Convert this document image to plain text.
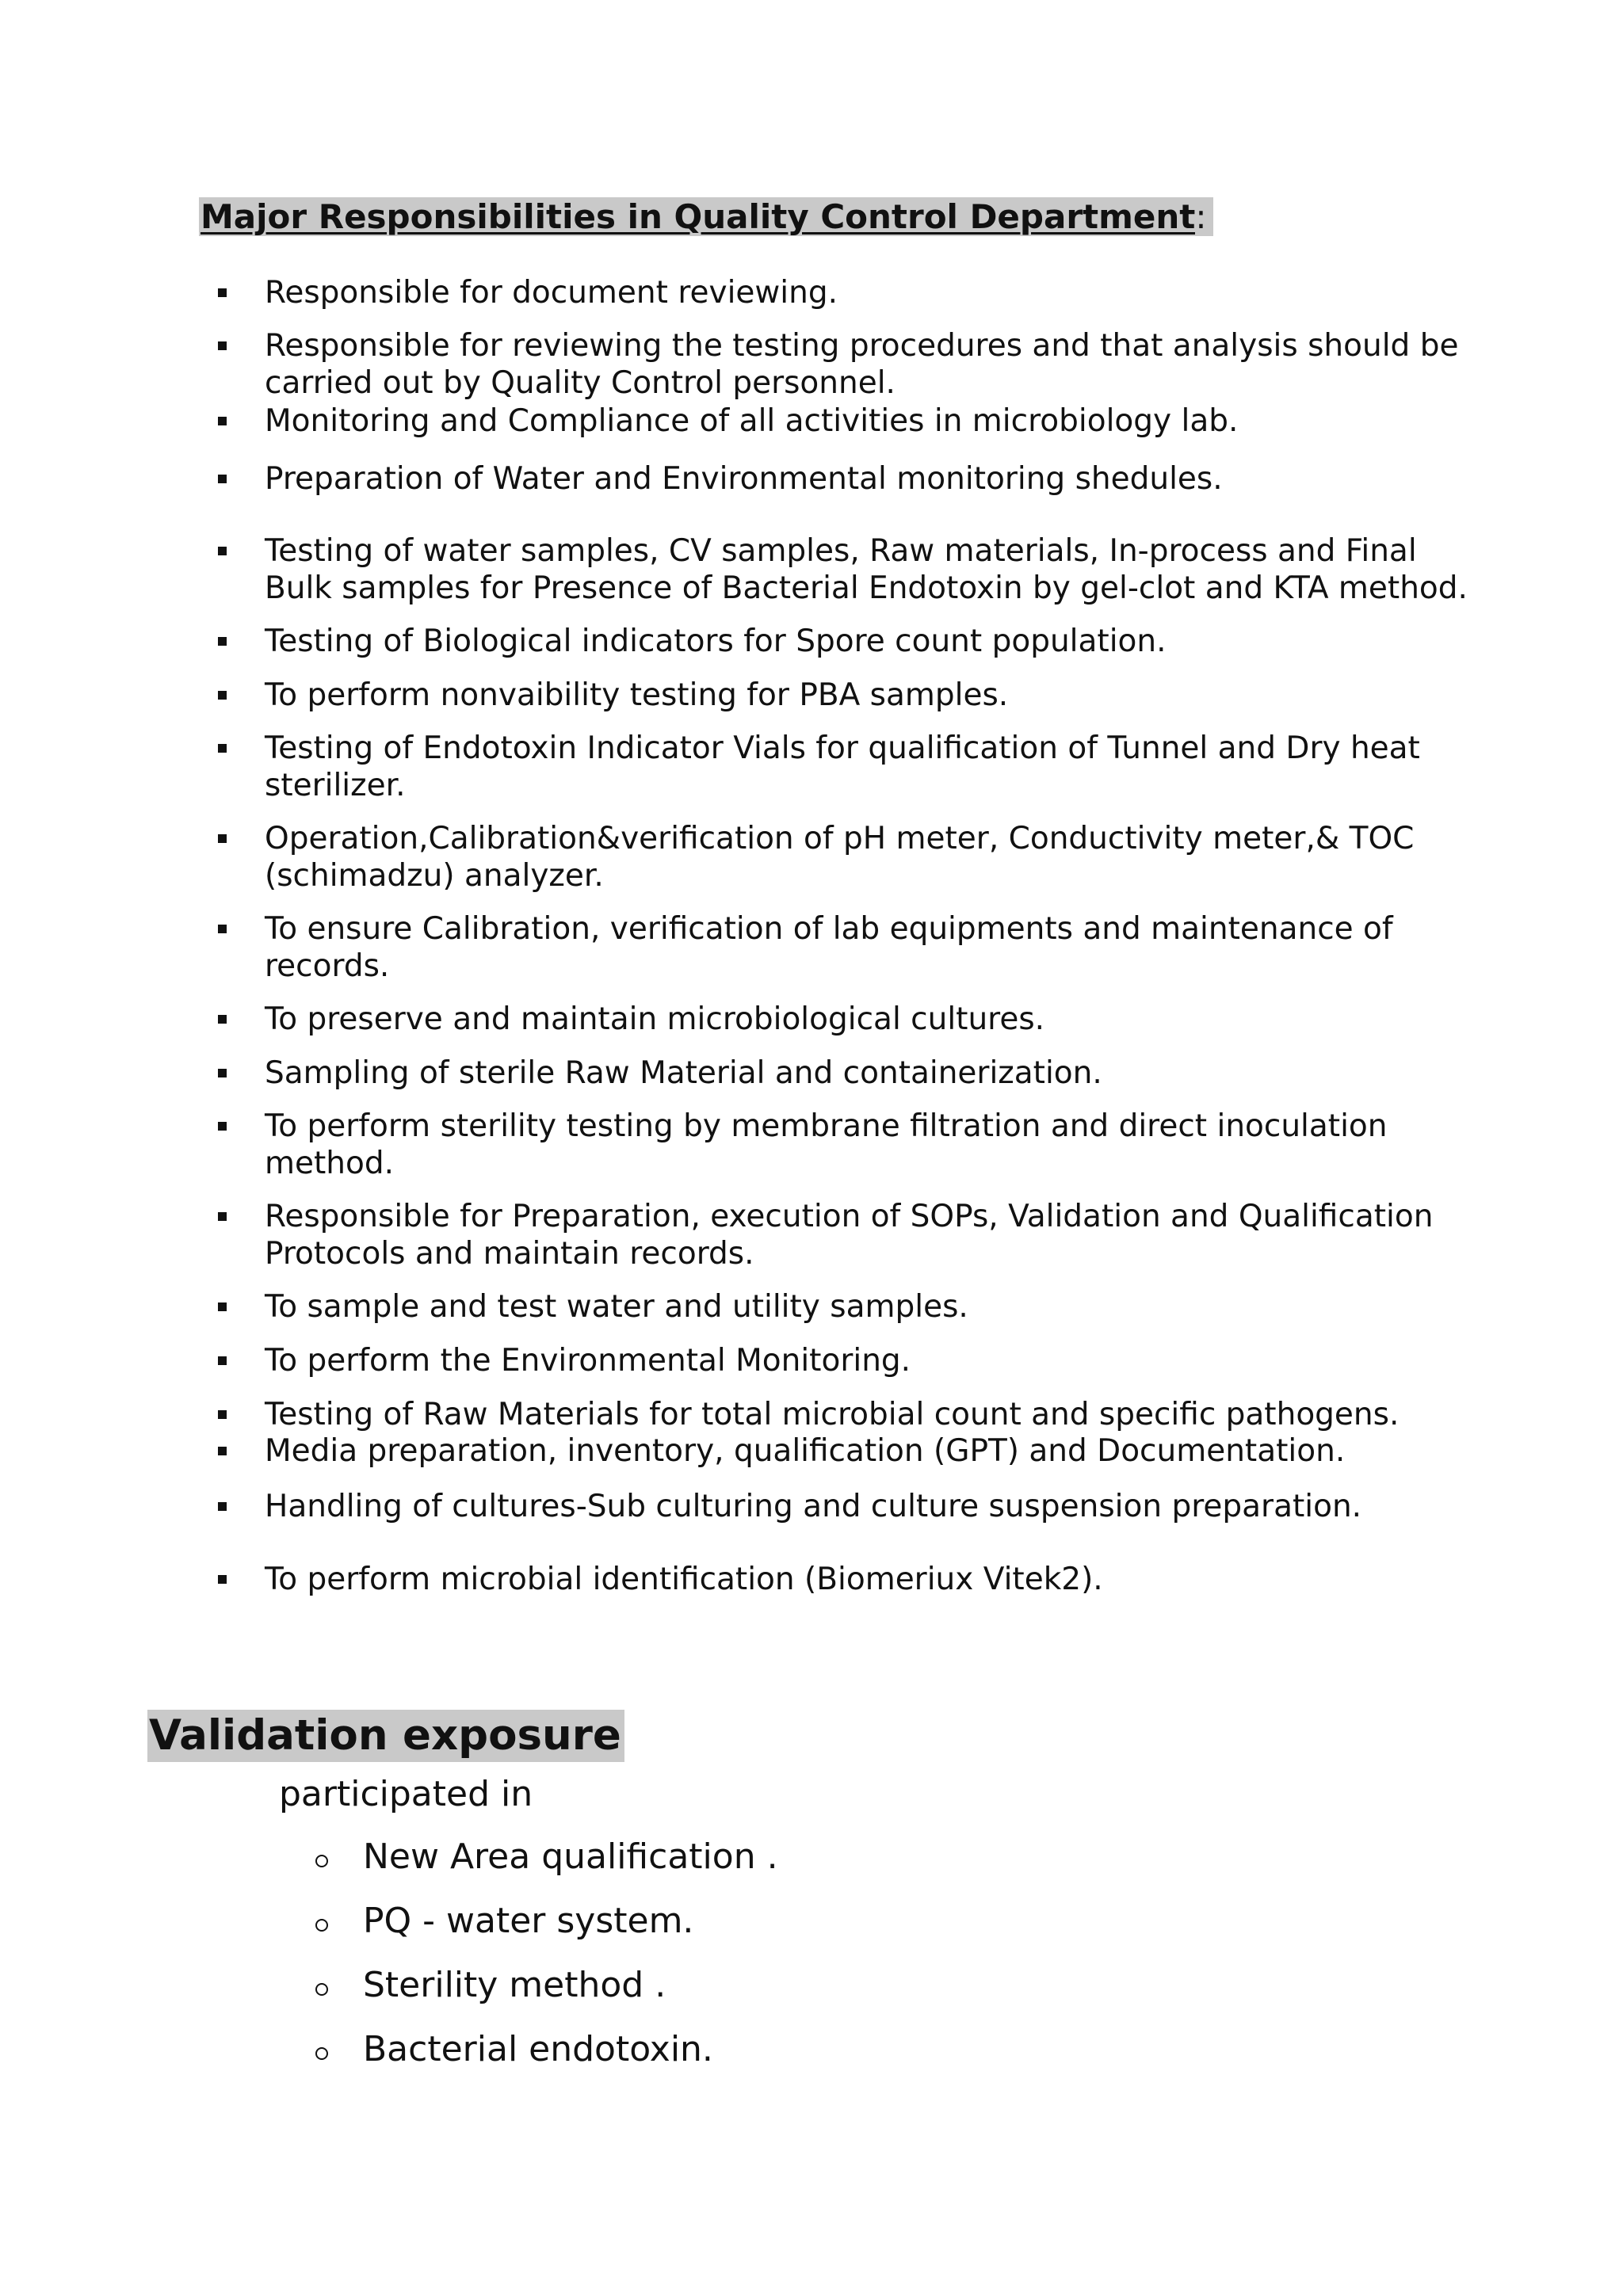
Major Responsibilities in Quality Control Department:
Responsible for document reviewing.
Responsible for reviewing the testing procedures and that analysis should be
carried out by Quality Control personnel.
Monitoring and Compliance of all activities in microbiology lab.
Preparation of Water and Environmental monitoring shedules.
Testing of water samples, CV samples, Raw materials, In-process and Final
Bulk samples for Presence of Bacterial Endotoxin by gel-clot and KTA method.
Testing of Biological indicators for Spore count population.
To perform nonvaibility testing for PBA samples.
Testing of Endotoxin Indicator Vials for qualification of Tunnel and Dry heat
sterilizer.
Operation,Calibration&verification of pH meter, Conductivity meter,& TOC
(schimadzu) analyzer.
To ensure Calibration, verification of lab equipments and maintenance of
records.
To preserve and maintain microbiological cultures.
Sampling of sterile Raw Material and containerization.
To perform sterility testing by membrane filtration and direct inoculation
method.
Responsible for Preparation, execution of SOPs, Validation and Qualification
Protocols and maintain records.
To sample and test water and utility samples.
To perform the Environmental Monitoring.
Testing of Raw Materials for total microbial count and specific pathogens.
Media preparation, inventory, qualification (GPT) and Documentation.
Handling of cultures-Sub culturing and culture suspension preparation.
To perform microbial identification (Biomeriux Vitek2).
Validation exposure
participated in
New Area qualification .
PQ - water system.
Sterility method .
Bacterial endotoxin.
